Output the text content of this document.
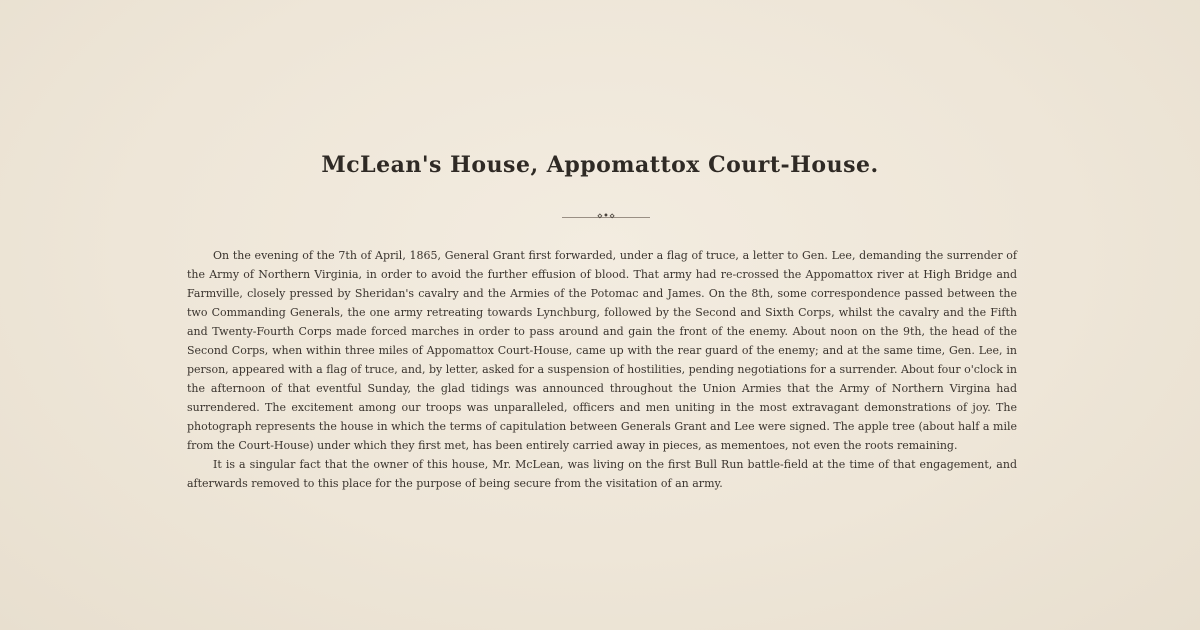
McLean's House, Appomattox Court-House.
⋄•⋄

On the evening of the 7th of April, 1865, General Grant first forwarded, under a flag of truce, a letter to Gen. Lee, demanding the surrender of the Army of Northern Virginia, in order to avoid the further effusion of blood. That army had re-crossed the Appomattox river at High Bridge and Farmville, closely pressed by Sheridan's cavalry and the Armies of the Potomac and James. On the 8th, some correspondence passed between the two Commanding Generals, the one army retreating towards Lynchburg, followed by the Second and Sixth Corps, whilst the cavalry and the Fifth and Twenty-Fourth Corps made forced marches in order to pass around and gain the front of the enemy. About noon on the 9th, the head of the Second Corps, when within three miles of Appomattox Court-House, came up with the rear guard of the enemy; and at the same time, Gen. Lee, in person, appeared with a flag of truce, and, by letter, asked for a suspension of hostilities, pending negotiations for a surrender. About four o'clock in the afternoon of that eventful Sunday, the glad tidings was announced throughout the Union Armies that the Army of Northern Virgina had surrendered. The excitement among our troops was unparalleled, officers and men uniting in the most extravagant demonstrations of joy. The photograph represents the house in which the terms of capitulation between Generals Grant and Lee were signed. The apple tree (about half a mile from the Court-House) under which they first met, has been entirely carried away in pieces, as mementoes, not even the roots remaining.

It is a singular fact that the owner of this house, Mr. McLean, was living on the first Bull Run battle-field at the time of that engagement, and afterwards removed to this place for the purpose of being secure from the visitation of an army.
